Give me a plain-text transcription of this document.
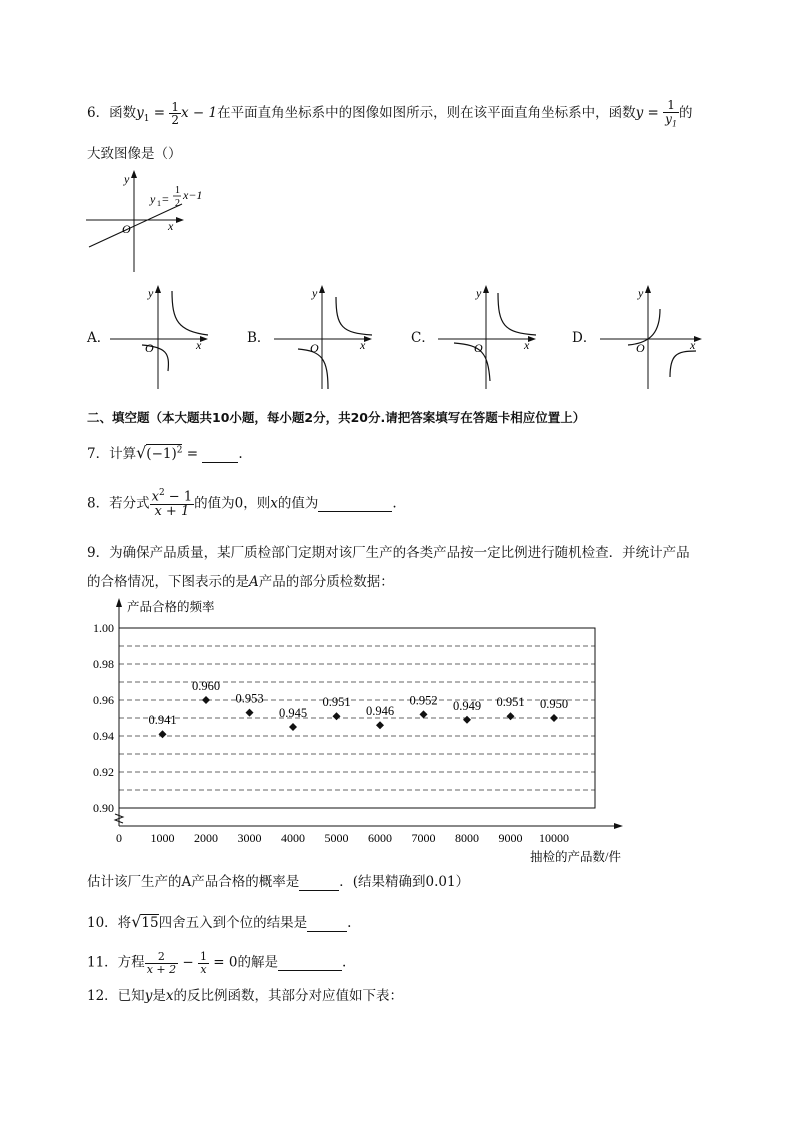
6．函数$y_1 = \frac{1}{2}$ x − 1在平面直角坐标系中的图像如图所示，则在该平面直角坐标系中，函数$y = \frac{1}{y_1}$ 的
大致图像是（）
y
x
O
y 1 =
1
2
x−1
A．
y
x
O
B．
y
x
O
C．
y
x
O
D．
y
x
O
二、填空题（本大题共10小题，每小题2分，共20分.请把答案填写在答题卡相应位置上）
7．计算$√(-1)^2$ =	.
8．若分式 $\frac{x^2 - 1}{x + 1}$ 的值为0，则x的值为	.
9．为确保产品质量，某厂质检部门定期对该厂生产的各类产品按一定比例进行随机检查．并统计产品
的合格情况，下图表示的是A产品的部分质检数据：
0.90
0.92
0.94
0.96
0.98
1.00
0 1000 2000 3000 4000 5000 6000 7000 8000 9000 10000
0.941
0.960
0.953
0.945
0.951
0.946
0.952 0.949 0.951 0.950
产品合格的频率
抽检的产品数/件
估计该厂生产的A产品合格的概率是	．(结果精确到0.01）
10．将√15四舍五入到个位的结果是	.
11．方程 $\frac{2}{x + 2} - \frac{1}{x} = 0$的解是	.
12．已知y是x的反比例函数，其部分对应值如下表：
